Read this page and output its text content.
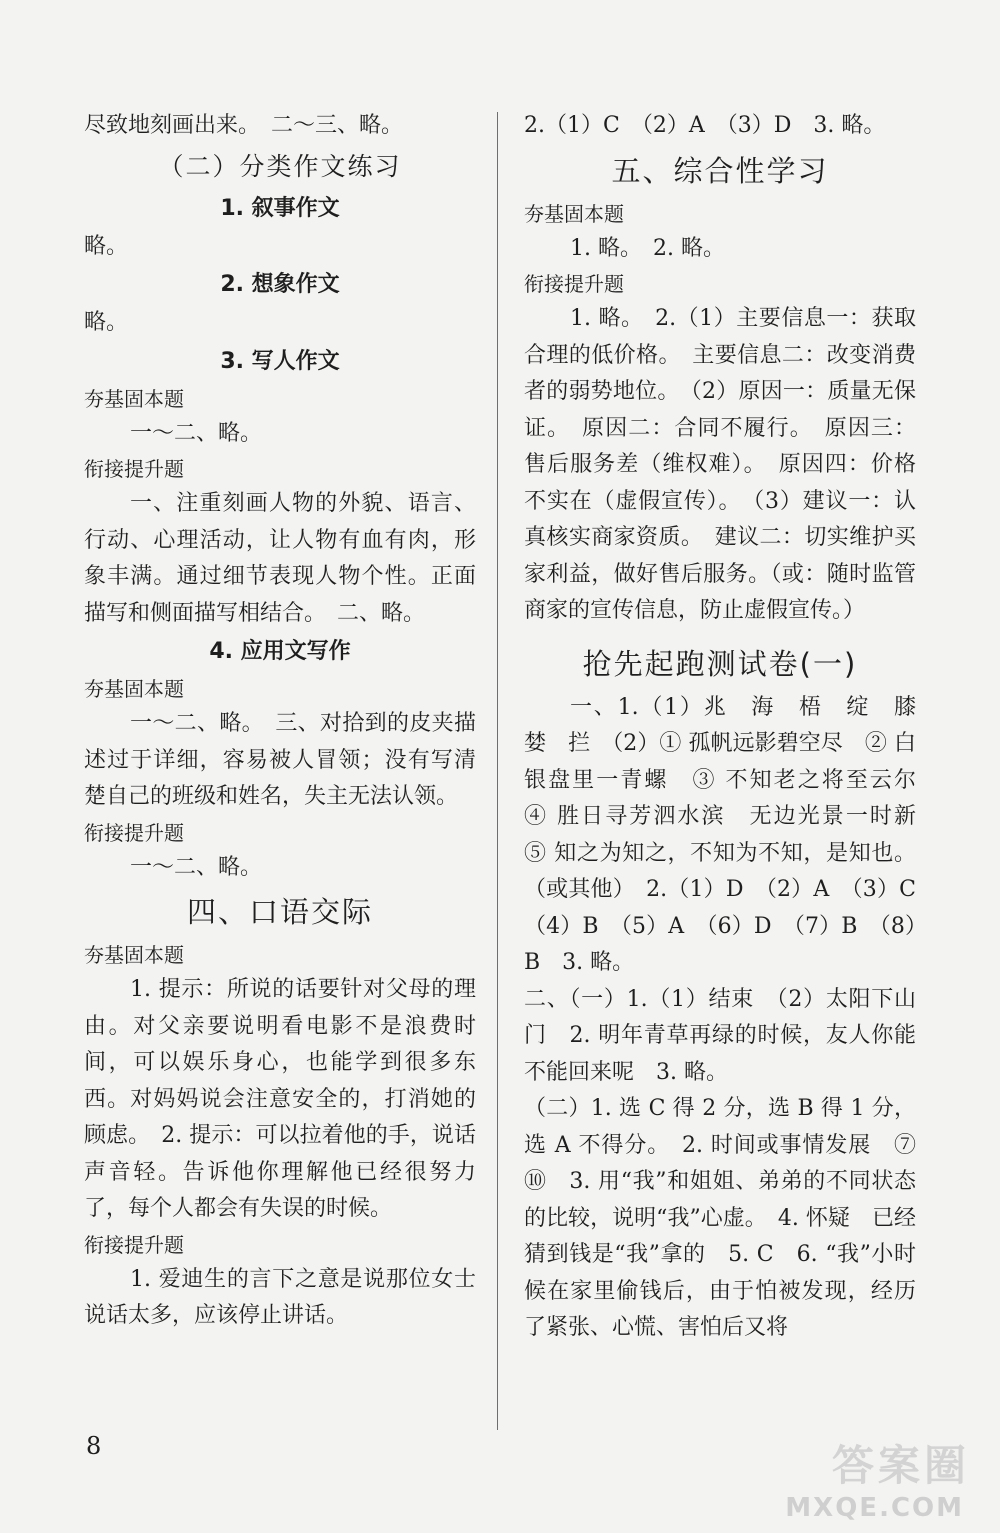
尽致地刻画出来。　二～三、略。

（二）分类作文练习
1. 叙事作文

略。

2. 想象作文

略。

3. 写人作文

夯基固本题

一～二、略。

衔接提升题

一、注重刻画人物的外貌、语言、行动、心理活动，让人物有血有肉，形象丰满。通过细节表现人物个性。正面描写和侧面描写相结合。　二、略。

4. 应用文写作

夯基固本题

一～二、略。　三、对拾到的皮夹描述过于详细，容易被人冒领；没有写清楚自己的班级和姓名，失主无法认领。

衔接提升题

一～二、略。

四、口语交际

夯基固本题

1. 提示：所说的话要针对父母的理由。对父亲要说明看电影不是浪费时间，可以娱乐身心，也能学到很多东西。对妈妈说会注意安全的，打消她的顾虑。　2. 提示：可以拉着他的手，说话声音轻。告诉他你理解他已经很努力了，每个人都会有失误的时候。

衔接提升题

1. 爱迪生的言下之意是说那位女士说话太多，应该停止讲话。

2.（1）C　（2）A　（3）D　3. 略。

五、综合性学习

夯基固本题

1. 略。　2. 略。

衔接提升题

1. 略。　2.（1）主要信息一：获取合理的低价格。　主要信息二：改变消费者的弱势地位。　（2）原因一：质量无保证。　原因二：合同不履行。　原因三：售后服务差（维权难）。　原因四：价格不实在（虚假宣传）。　（3）建议一：认真核实商家资质。　建议二：切实维护买家利益，做好售后服务。（或：随时监管商家的宣传信息，防止虚假宣传。）

抢先起跑测试卷(一)

一、1.（1）兆　海　梧　绽　膝　婪　拦　（2）① 孤帆远影碧空尽　② 白银盘里一青螺　③ 不知老之将至云尔　④ 胜日寻芳泗水滨　无边光景一时新　⑤ 知之为知之，不知为不知，是知也。（或其他）　2.（1）D　（2）A　（3）C　（4）B　（5）A　（6）D　（7）B　（8）B　3. 略。

二、（一）1.（1）结束　（2）太阳下山门　2. 明年青草再绿的时候，友人你能不能回来呢　3. 略。

（二）1. 选 C 得 2 分，选 B 得 1 分，选 A 不得分。　2. 时间或事情发展　⑦　⑩　3. 用“我”和姐姐、弟弟的不同状态的比较，说明“我”心虚。　4. 怀疑　已经猜到钱是“我”拿的　5. C　6. “我”小时候在家里偷钱后，由于怕被发现，经历了紧张、心慌、害怕后又将

8	答案圈
MXQE.COM
